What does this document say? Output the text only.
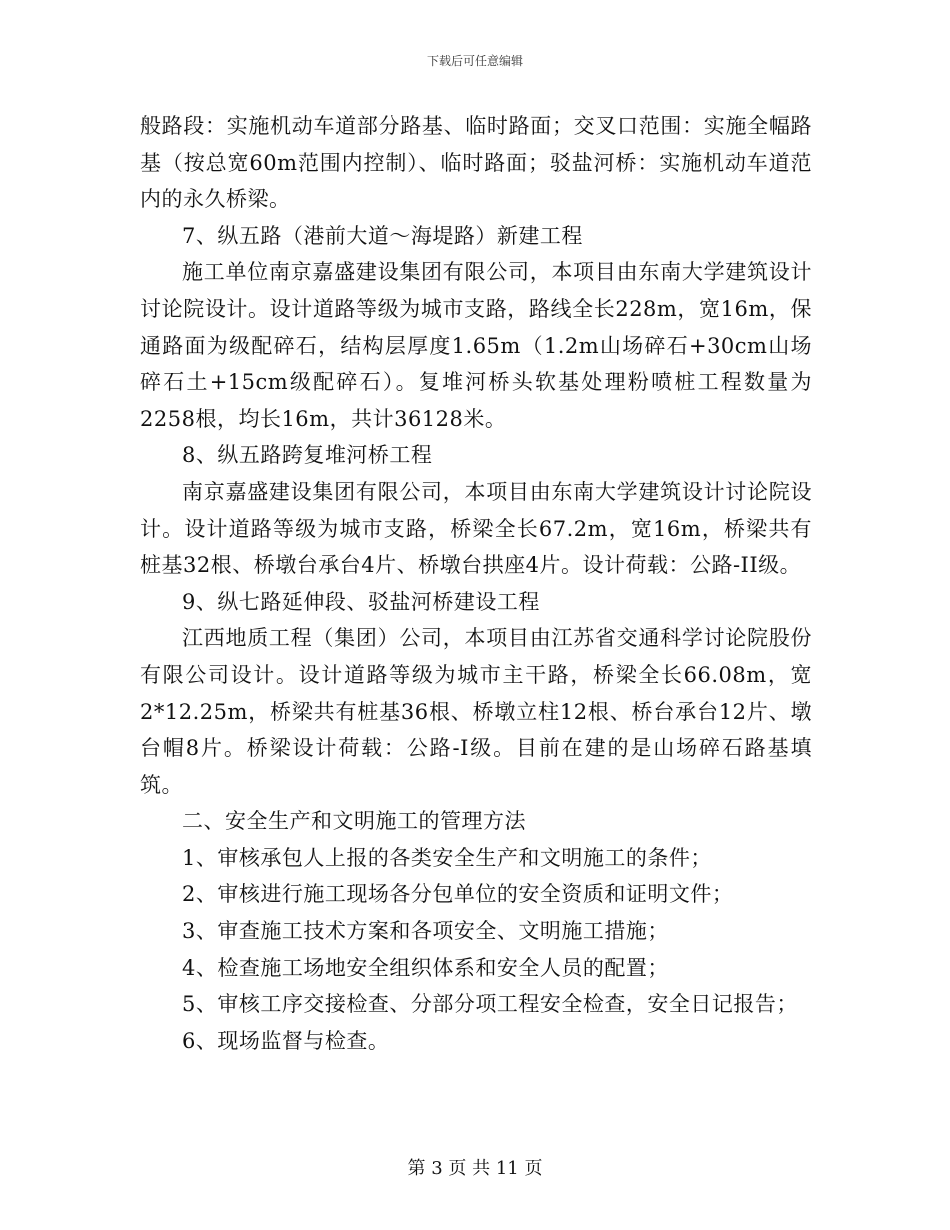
下载后可任意编辑

般路段：实施机动车道部分路基、临时路面；交叉口范围：实施全幅路基（按总宽60m范围内控制）、临时路面；驳盐河桥：实施机动车道范内的永久桥梁。

7、纵五路（港前大道～海堤路）新建工程

施工单位南京嘉盛建设集团有限公司，本项目由东南大学建筑设计讨论院设计。设计道路等级为城市支路，路线全长228m，宽16m，保通路面为级配碎石，结构层厚度1.65m（1.2m山场碎石+30cm山场碎石土+15cm级配碎石）。复堆河桥头软基处理粉喷桩工程数量为2258根，均长16m，共计36128米。

8、纵五路跨复堆河桥工程

南京嘉盛建设集团有限公司，本项目由东南大学建筑设计讨论院设计。设计道路等级为城市支路，桥梁全长67.2m，宽16m，桥梁共有桩基32根、桥墩台承台4片、桥墩台拱座4片。设计荷载：公路-II级。

9、纵七路延伸段、驳盐河桥建设工程

江西地质工程（集团）公司，本项目由江苏省交通科学讨论院股份有限公司设计。设计道路等级为城市主干路，桥梁全长66.08m，宽2*12.25m，桥梁共有桩基36根、桥墩立柱12根、桥台承台12片、墩台帽8片。桥梁设计荷载：公路-I级。目前在建的是山场碎石路基填筑。

二、安全生产和文明施工的管理方法

1、审核承包人上报的各类安全生产和文明施工的条件；

2、审核进行施工现场各分包单位的安全资质和证明文件；

3、审查施工技术方案和各项安全、文明施工措施；

4、检查施工场地安全组织体系和安全人员的配置；

5、审核工序交接检查、分部分项工程安全检查，安全日记报告；

6、现场监督与检查。

第 3 页 共 11 页
